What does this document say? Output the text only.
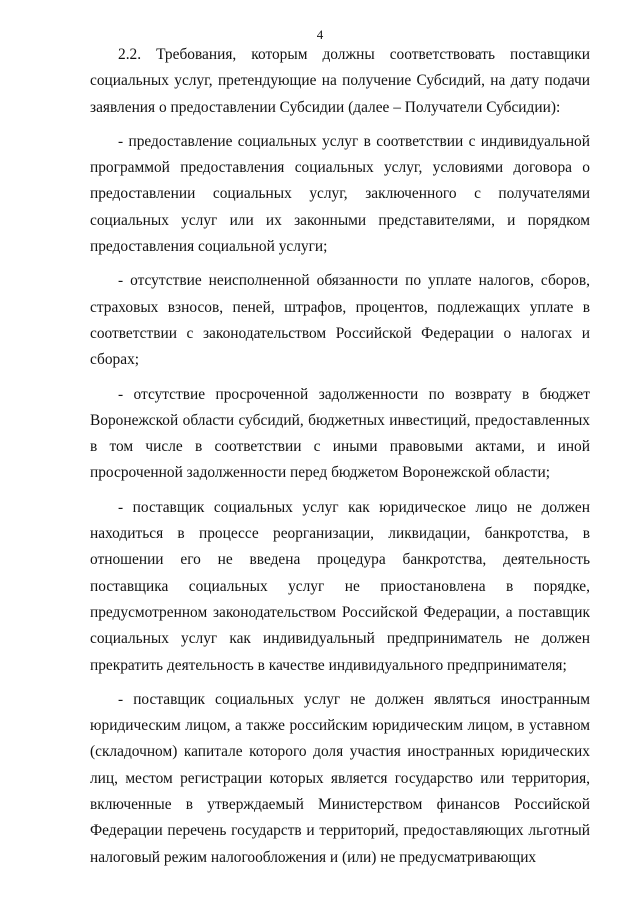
4

2.2. Требования, которым должны соответствовать поставщики социальных услуг, претендующие на получение Субсидий, на дату подачи заявления о предоставлении Субсидии (далее – Получатели Субсидии):

- предоставление социальных услуг в соответствии с индивидуальной программой предоставления социальных услуг, условиями договора о предоставлении социальных услуг, заключенного с получателями социальных услуг или их законными представителями, и порядком предоставления социальной услуги;

- отсутствие неисполненной обязанности по уплате налогов, сборов, страховых взносов, пеней, штрафов, процентов, подлежащих уплате в соответствии с законодательством Российской Федерации о налогах и сборах;

- отсутствие просроченной задолженности по возврату в бюджет Воронежской области субсидий, бюджетных инвестиций, предоставленных в том числе в соответствии с иными правовыми актами, и иной просроченной задолженности перед бюджетом Воронежской области;

- поставщик социальных услуг как юридическое лицо не должен находиться в процессе реорганизации, ликвидации, банкротства, в отношении его не введена процедура банкротства, деятельность поставщика социальных услуг не приостановлена в порядке, предусмотренном законодательством Российской Федерации, а поставщик социальных услуг как индивидуальный предприниматель не должен прекратить деятельность в качестве индивидуального предпринимателя;

- поставщик социальных услуг не должен являться иностранным юридическим лицом, а также российским юридическим лицом, в уставном (складочном) капитале которого доля участия иностранных юридических лиц, местом регистрации которых является государство или территория, включенные в утверждаемый Министерством финансов Российской Федерации перечень государств и территорий, предоставляющих льготный налоговый режим налогообложения и (или) не предусматривающих
